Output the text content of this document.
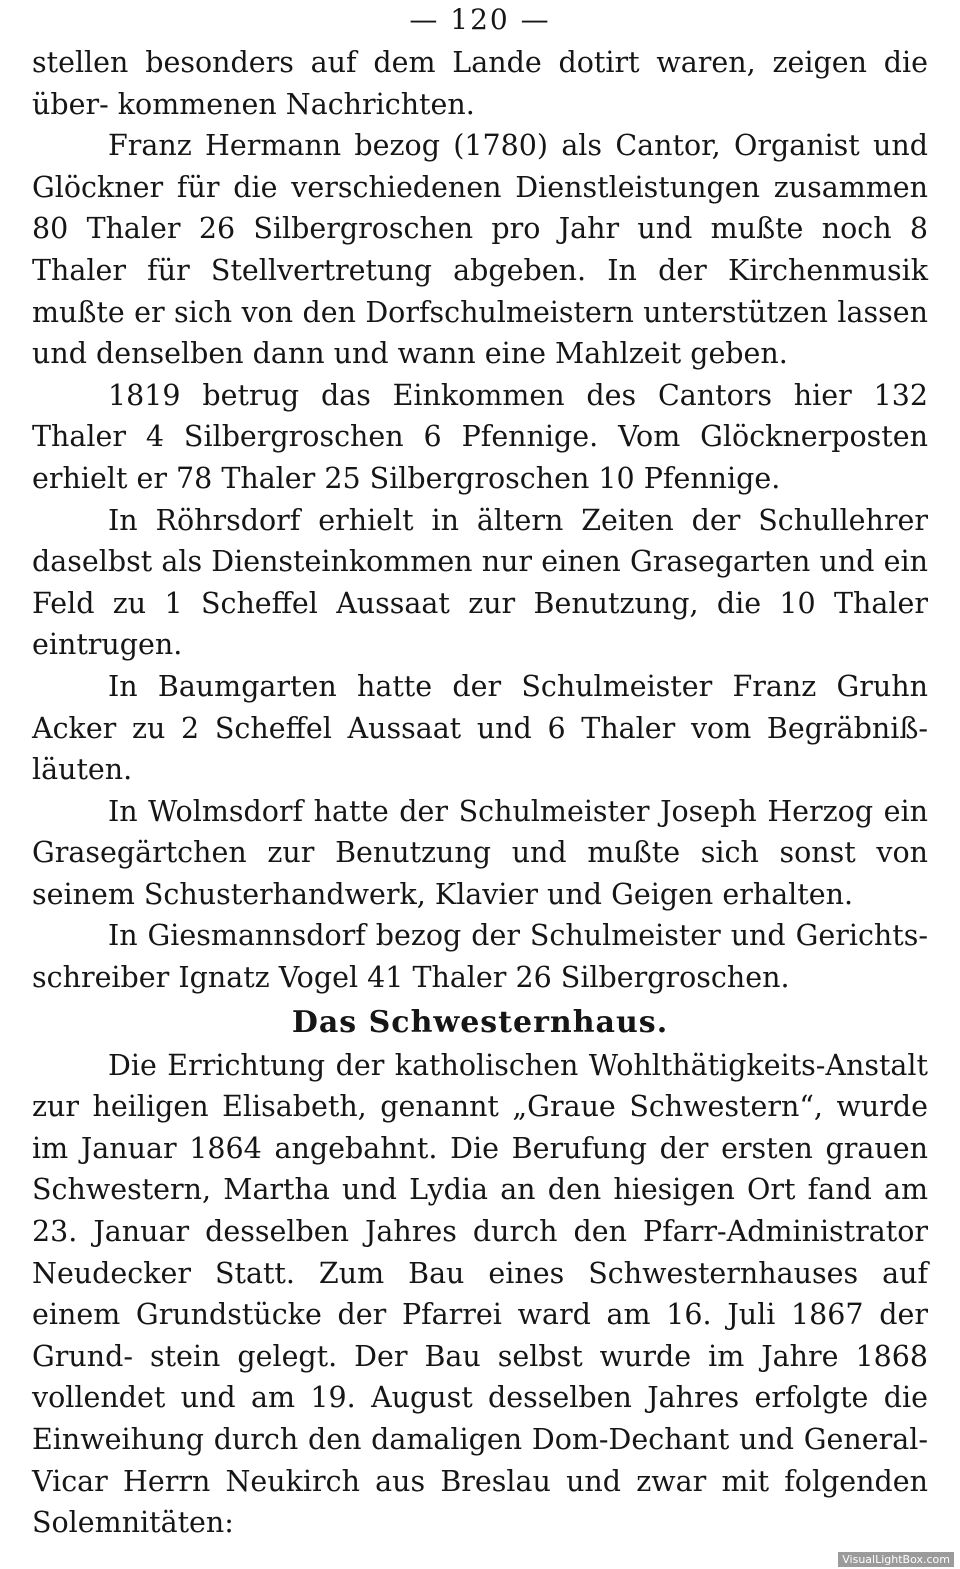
— 120 —

stellen besonders auf dem Lande dotirt waren, zeigen die über- kommenen Nachrichten.

Franz Hermann bezog (1780) als Cantor, Organist und Glöckner für die verschiedenen Dienstleistungen zusammen 80 Thaler 26 Silbergroschen pro Jahr und mußte noch 8 Thaler für Stellvertretung abgeben. In der Kirchenmusik mußte er sich von den Dorfschulmeistern unterstützen lassen und denselben dann und wann eine Mahlzeit geben.

1819 betrug das Einkommen des Cantors hier 132 Thaler 4 Silbergroschen 6 Pfennige. Vom Glöcknerposten erhielt er 78 Thaler 25 Silbergroschen 10 Pfennige.

In Röhrsdorf erhielt in ältern Zeiten der Schullehrer daselbst als Diensteinkommen nur einen Grasegarten und ein Feld zu 1 Scheffel Aussaat zur Benutzung, die 10 Thaler eintrugen.

In Baumgarten hatte der Schulmeister Franz Gruhn Acker zu 2 Scheffel Aussaat und 6 Thaler vom Begräbniß- läuten.

In Wolmsdorf hatte der Schulmeister Joseph Herzog ein Grasegärtchen zur Benutzung und mußte sich sonst von seinem Schusterhandwerk, Klavier und Geigen erhalten.

In Giesmannsdorf bezog der Schulmeister und Gerichts- schreiber Ignatz Vogel 41 Thaler 26 Silbergroschen.

Das Schwesternhaus.

Die Errichtung der katholischen Wohlthätigkeits-Anstalt zur heiligen Elisabeth, genannt „Graue Schwestern“, wurde im Januar 1864 angebahnt. Die Berufung der ersten grauen Schwestern, Martha und Lydia an den hiesigen Ort fand am 23. Januar desselben Jahres durch den Pfarr-Administrator Neudecker Statt. Zum Bau eines Schwesternhauses auf einem Grundstücke der Pfarrei ward am 16. Juli 1867 der Grund- stein gelegt. Der Bau selbst wurde im Jahre 1868 vollendet und am 19. August desselben Jahres erfolgte die Einweihung durch den damaligen Dom-Dechant und General-Vicar Herrn Neukirch aus Breslau und zwar mit folgenden Solemnitäten:

VisualLightBox.com
